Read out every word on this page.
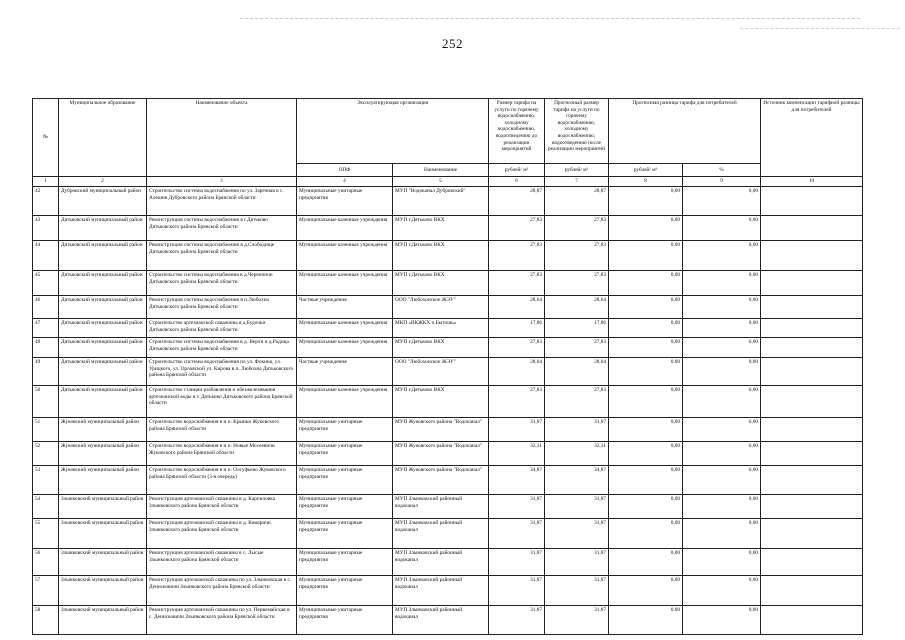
252
№	Муниципальное образование	Наименование объекта	Эксплуатирующая организация		Размер тарифа на услуги по горячему водоснабжению, холодному водоснабжению, водоотведению до реализации мероприятий	Прогнозный размер тарифа на услуги по горячему водоснабжению, холодному водоснабжению, водоотведению после реализации мероприятий	Прогнозная разница тарифа для потребителей		Источник компенсации тарифной разницы для потребителей
			ОПФ	Наименование	рублей/ м³	рублей/ м³	рублей/ м³	%	

1	2	3	4	5	6	7	8	9	10
42	Дубровский муниципальный район	Строительство системы водоснабжения по ул. Заречная в с. Алешня Дубровского района Брянской области	Муниципальные унитарные предприятия	МУП "Водоканал Дубровский"	28,87	28,87	0,00	0,00	
43	Дятьковский муниципальный район	Реконструкция системы водоснабжения в г.Дятьково Дятьковского района Брянской области	Муниципальные казенные учреждения	МУП г.Дятьково ВКХ	27,83	27,83	0,00	0,00	
44	Дятьковский муниципальный район	Реконструкция системы водоснабжения в д.Слободище Дятьковского района Брянской области	Муниципальные казенные учреждения	МУП г.Дятьково ВКХ	27,83	27,83	0,00	0,00	
45	Дятьковский муниципальный район	Строительство системы водоснабжения в д.Черенчичи Дятьковского района Брянской области	Муниципальные казенные учреждения	МУП г.Дятьково ВКХ	27,83	27,83	0,00	0,00	
46	Дятьковский муниципальный район	Реконструкция системы водоснабжения в п.Любохна Дятьковского района Брянской области	Частные учреждения	ООО "Любохонское ЖЭУ"	28,64	28,64	0,00	0,00	
47	Дятьковский муниципальный район	Строительство артезианской скважины в д.Будочки Дятьковского района Брянской области	Муниципальные казенные учреждения	МКП «ВКЖКХ п.Бытошь»	17,86	17,86	0,00	0,00	
48	Дятьковский муниципальный район	Строительство системы водоснабжения в д. Верхи и д.Радица Дятьковского района Брянской области	Муниципальные казенные учреждения	МУП г.Дятьково ВКХ	27,83	27,83	0,00	0,00	
49	Дятьковский муниципальный район	Строительство системы водоснабжения по ул. Фокина, ул. Урицкого, ул. Орловской ул. Кирова в п. Любохна Дятьковского района Брянской области	Частные учреждения	ООО "Любохонское ЖЭУ"	28,64	28,64	0,00	0,00	
50	Дятьковский муниципальный район	Строительство станции разбавления и обезжелезивания артезианской воды в г. Дятьково Дятьковского района Брянской области	Муниципальные казенные учреждения	МУП г.Дятьково ВКХ	27,83	27,83	0,00	0,00	
51	Жуковский муниципальный район	Строительство водоснабжения в н.п. Крынки Жуковского района Брянской области	Муниципальные унитарные предприятия	МУП Жуковского района "Водоканал"	31,07	31,07	0,00	0,00	
52	Жуковский муниципальный район	Строительство водоснабжения в н.п. Новые Мосеевичи Жуковского района Брянской области	Муниципальные унитарные предприятия	МУП Жуковского района "Водоканал"	32,31	32,31	0,00	0,00	
53	Жуковский муниципальный район	Строительство водоснабжения в н.п. Олсуфьево Жуковского района Брянской области (3-я очередь)	Муниципальные унитарные предприятия	МУП Жуковского района "Водоканал"	34,87	34,87	0,00	0,00	
54	Злынковский муниципальный район	Реконструкция артезианской скважины в д. Карпиловка Злынковского района Брянской области	Муниципальные унитарные предприятия	МУП Злынковский районный водоканал	31,87	31,87	0,00	0,00	
55	Злынковский муниципальный район	Реконструкция артезианской скважины в д. Комаричи Злынковского района Брянской области	Муниципальные унитарные предприятия	МУП Злынковский районный водоканал	31,87	31,87	0,00	0,00	
56	Злынковский муниципальный район	Реконструкция артезианской скважины в с. Лысые Злынковского района Брянской области	Муниципальные унитарные предприятия	МУП Злынковский районный водоканал	31,87	31,87	0,00	0,00	
57	Злынковский муниципальный район	Реконструкция артезианской скважины по ул. Злынковская в с. Денисковичи Злынковского района Брянской области	Муниципальные унитарные предприятия	МУП Злынковский районный водоканал	31,87	31,87	0,00	0,00	
58	Злынковский муниципальный район	Реконструкция артезианской скважины по ул. Первомайская в с. Денисковичи Злынковского района Брянской области	Муниципальные унитарные предприятия	МУП Злынковский районный водоканал	31,87	31,87	0,00	0,00	
